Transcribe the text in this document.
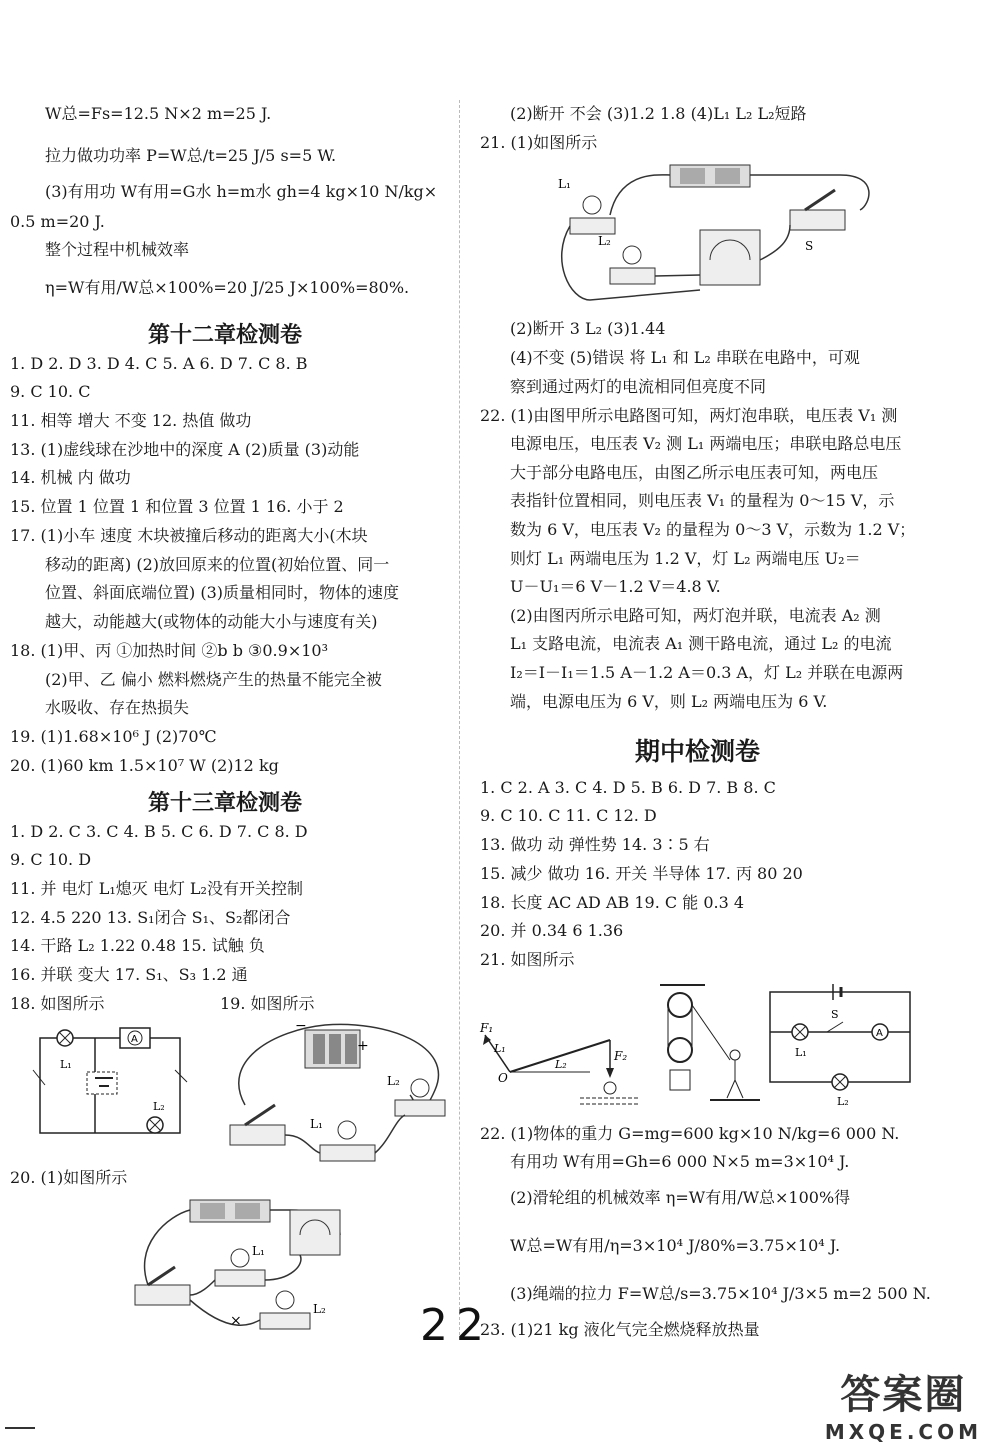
W总=Fs=12.5 N×2 m=25 J.
拉力做功功率 P=W总/t=25 J/5 s=5 W.
(3)有用功 W有用=G水 h=m水 gh=4 kg×10 N/kg×
0.5 m=20 J.
整个过程中机械效率
η=W有用/W总×100%=20 J/25 J×100%=80%.
第十二章检测卷
1. D 2. D 3. D 4. C 5. A 6. D 7. C 8. B
9. C 10. C
11. 相等 增大 不变 12. 热值 做功
13. (1)虚线球在沙地中的深度 A (2)质量 (3)动能
14. 机械 内 做功
15. 位置 1 位置 1 和位置 3 位置 1 16. 小于 2
17. (1)小车 速度 木块被撞后移动的距离大小(木块
移动的距离) (2)放回原来的位置(初始位置、同一
位置、斜面底端位置) (3)质量相同时，物体的速度
越大，动能越大(或物体的动能大小与速度有关)
18. (1)甲、丙 ①加热时间 ②b b ③0.9×10³
(2)甲、乙 偏小 燃料燃烧产生的热量不能完全被
水吸收、存在热损失
19. (1)1.68×10⁶ J (2)70℃
20. (1)60 km 1.5×10⁷ W (2)12 kg
第十三章检测卷
1. D 2. C 3. C 4. B 5. C 6. D 7. C 8. D
9. C 10. D
11. 并 电灯 L₁熄灭 电灯 L₂没有开关控制
12. 4.5 220 13. S₁闭合 S₁、S₂都闭合
14. 干路 L₂ 1.22 0.48 15. 试触 负
16. 并联 变大 17. S₁、S₃ 1.2 通
18. 如图所示	19. 如图所示
A
L₁
L₂
−
+
L₁
L₂
20. (1)如图所示
L₁
L₂
×
(2)断开 不会 (3)1.2 1.8 (4)L₁ L₂ L₂短路
21. (1)如图所示
L₁
L₂	S
(2)断开 3 L₂ (3)1.44
(4)不变 (5)错误 将 L₁ 和 L₂ 串联在电路中，可观
察到通过两灯的电流相同但亮度不同
22. (1)由图甲所示电路图可知，两灯泡串联，电压表 V₁ 测
电源电压，电压表 V₂ 测 L₁ 两端电压；串联电路总电压
大于部分电路电压，由图乙所示电压表可知，两电压
表指针位置相同，则电压表 V₁ 的量程为 0～15 V，示
数为 6 V，电压表 V₂ 的量程为 0～3 V，示数为 1.2 V；
则灯 L₁ 两端电压为 1.2 V，灯 L₂ 两端电压 U₂＝
U－U₁＝6 V－1.2 V＝4.8 V.
(2)由图丙所示电路可知，两灯泡并联，电流表 A₂ 测
L₁ 支路电流，电流表 A₁ 测干路电流，通过 L₂ 的电流
I₂＝I－I₁＝1.5 A－1.2 A＝0.3 A，灯 L₂ 并联在电源两
端，电源电压为 6 V，则 L₂ 两端电压为 6 V.
期中检测卷
1. C 2. A 3. C 4. D 5. B 6. D 7. B 8. C
9. C 10. C 11. C 12. D
13. 做功 动 弹性势 14. 3∶5 右
15. 减少 做功 16. 开关 半导体 17. 丙 80 20
18. 长度 AC AD AB 19. C 能 0.3 4
20. 并 0.34 6 1.36
21. 如图所示
F₁
F₂
L₁
L₂
O
L₁
S
A
L₂
22. (1)物体的重力 G=mg=600 kg×10 N/kg=6 000 N.
有用功 W有用=Gh=6 000 N×5 m=3×10⁴ J.
(2)滑轮组的机械效率 η=W有用/W总×100%得
W总=W有用/η=3×10⁴ J/80%=3.75×10⁴ J.
(3)绳端的拉力 F=W总/s=3.75×10⁴ J/3×5 m=2 500 N.
23. (1)21 kg 液化气完全燃烧释放热量
22
答案圈
MXQE.COM
